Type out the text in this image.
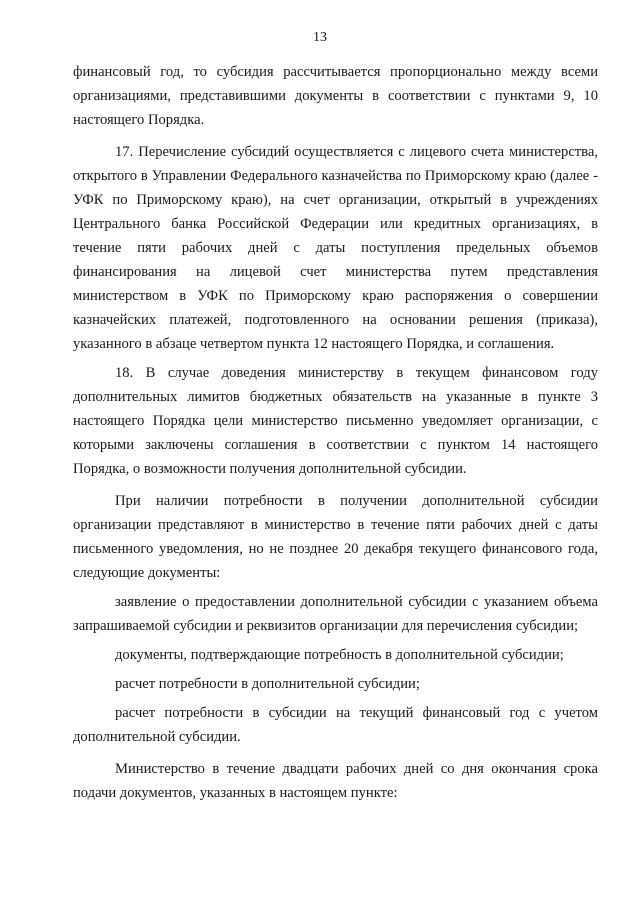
13

финансовый год, то субсидия рассчитывается пропорционально между всеми организациями, представившими документы в соответствии с пунктами 9, 10 настоящего Порядка.

17. Перечисление субсидий осуществляется с лицевого счета министерства, открытого в Управлении Федерального казначейства по Приморскому краю (далее - УФК по Приморскому краю), на счет организации, открытый в учреждениях Центрального банка Российской Федерации или кредитных организациях, в течение пяти рабочих дней с даты поступления предельных объемов финансирования на лицевой счет министерства путем представления министерством в УФК по Приморскому краю распоряжения о совершении казначейских платежей, подготовленного на основании решения (приказа), указанного в абзаце четвертом пункта 12 настоящего Порядка, и соглашения.

18. В случае доведения министерству в текущем финансовом году дополнительных лимитов бюджетных обязательств на указанные в пункте 3 настоящего Порядка цели министерство письменно уведомляет организации, с которыми заключены соглашения в соответствии с пунктом 14 настоящего Порядка, о возможности получения дополнительной субсидии.

При наличии потребности в получении дополнительной субсидии организации представляют в министерство в течение пяти рабочих дней с даты письменного уведомления, но не позднее 20 декабря текущего финансового года, следующие документы:

заявление о предоставлении дополнительной субсидии с указанием объема запрашиваемой субсидии и реквизитов организации для перечисления субсидии;

документы, подтверждающие потребность в дополнительной субсидии;

расчет потребности в дополнительной субсидии;

расчет потребности в субсидии на текущий финансовый год с учетом дополнительной субсидии.

Министерство в течение двадцати рабочих дней со дня окончания срока подачи документов, указанных в настоящем пункте:
